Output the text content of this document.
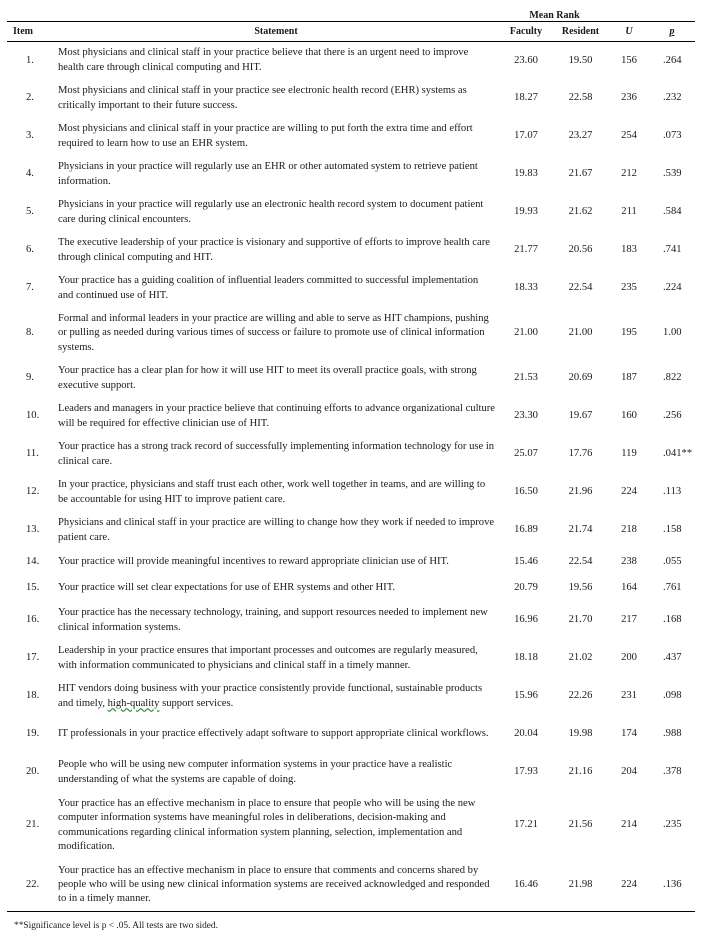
		Mean Rank			
Item	Statement	Faculty	Resident	U	p
1.	Most physicians and clinical staff in your practice believe that there is an urgent need to improve health care through clinical computing and HIT.	23.60	19.50	156	.264
2.	Most physicians and clinical staff in your practice see electronic health record (EHR) systems as critically important to their future success.	18.27	22.58	236	.232
3.	Most physicians and clinical staff in your practice are willing to put forth the extra time and effort required to learn how to use an EHR system.	17.07	23.27	254	.073
4.	Physicians in your practice will regularly use an EHR or other automated system to retrieve patient information.	19.83	21.67	212	.539
5.	Physicians in your practice will regularly use an electronic health record system to document patient care during clinical encounters.	19.93	21.62	211	.584
6.	The executive leadership of your practice is visionary and supportive of efforts to improve health care through clinical computing and HIT.	21.77	20.56	183	.741
7.	Your practice has a guiding coalition of influential leaders committed to successful implementation and continued use of HIT.	18.33	22.54	235	.224
8.	Formal and informal leaders in your practice are willing and able to serve as HIT champions, pushing or pulling as needed during various times of success or failure to promote use of clinical information systems.	21.00	21.00	195	1.00
9.	Your practice has a clear plan for how it will use HIT to meet its overall practice goals, with strong executive support.	21.53	20.69	187	.822
10.	Leaders and managers in your practice believe that continuing efforts to advance organizational culture will be required for effective clinician use of HIT.	23.30	19.67	160	.256
11.	Your practice has a strong track record of successfully implementing information technology for use in clinical care.	25.07	17.76	119	.041**
12.	In your practice, physicians and staff trust each other, work well together in teams, and are willing to be accountable for using HIT to improve patient care.	16.50	21.96	224	.113
13.	Physicians and clinical staff in your practice are willing to change how they work if needed to improve patient care.	16.89	21.74	218	.158
14.	Your practice will provide meaningful incentives to reward appropriate clinician use of HIT.	15.46	22.54	238	.055
15.	Your practice will set clear expectations for use of EHR systems and other HIT.	20.79	19.56	164	.761
16.	Your practice has the necessary technology, training, and support resources needed to implement new clinical information systems.	16.96	21.70	217	.168
17.	Leadership in your practice ensures that important processes and outcomes are regularly measured, with information communicated to physicians and clinical staff in a timely manner.	18.18	21.02	200	.437
18.	HIT vendors doing business with your practice consistently provide functional, sustainable products and timely, high-quality support services.	15.96	22.26	231	.098
19.	IT professionals in your practice effectively adapt software to support appropriate clinical workflows.	20.04	19.98	174	.988
20.	People who will be using new computer information systems in your practice have a realistic understanding of what the systems are capable of doing.	17.93	21.16	204	.378
21.	Your practice has an effective mechanism in place to ensure that people who will be using the new computer information systems have meaningful roles in deliberations, decision-making and communications regarding clinical information system planning, selection, implementation and modification.	17.21	21.56	214	.235
22.	Your practice has an effective mechanism in place to ensure that comments and concerns shared by people who will be using new clinical information systems are received acknowledged and responded to in a timely manner.	16.46	21.98	224	.136
**Significance level is p < .05. All tests are two sided.
